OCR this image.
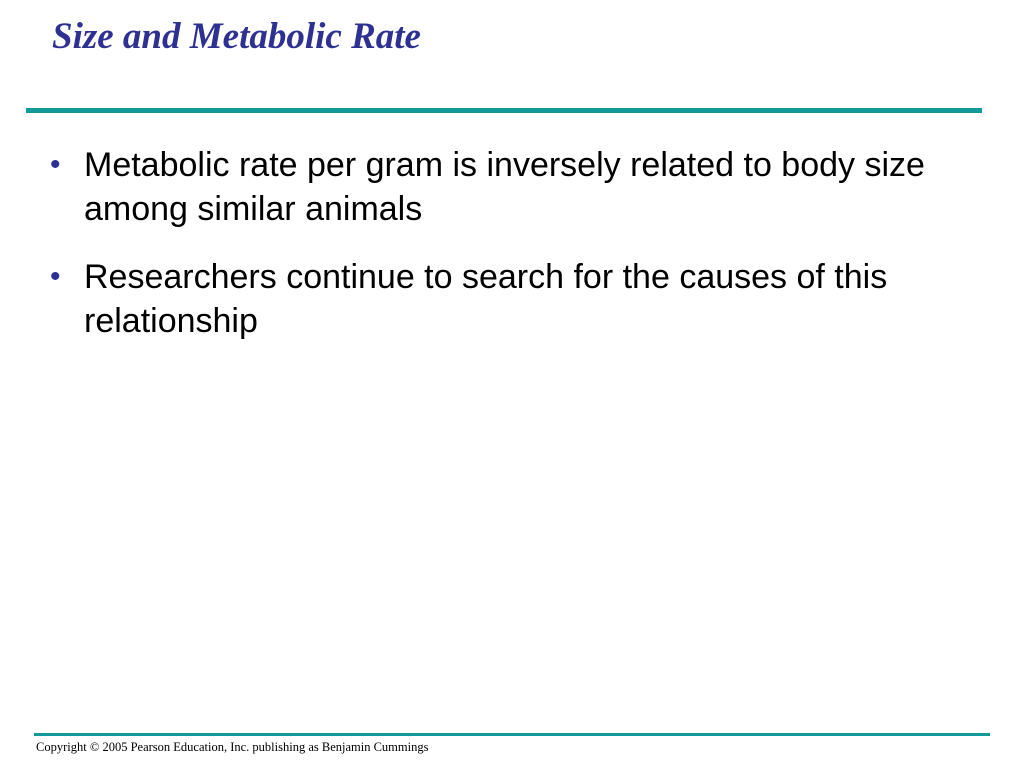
Size and Metabolic Rate
• Metabolic rate per gram is inversely related to body size among similar animals
• Researchers continue to search for the causes of this relationship
Copyright © 2005 Pearson Education, Inc. publishing as Benjamin Cummings
